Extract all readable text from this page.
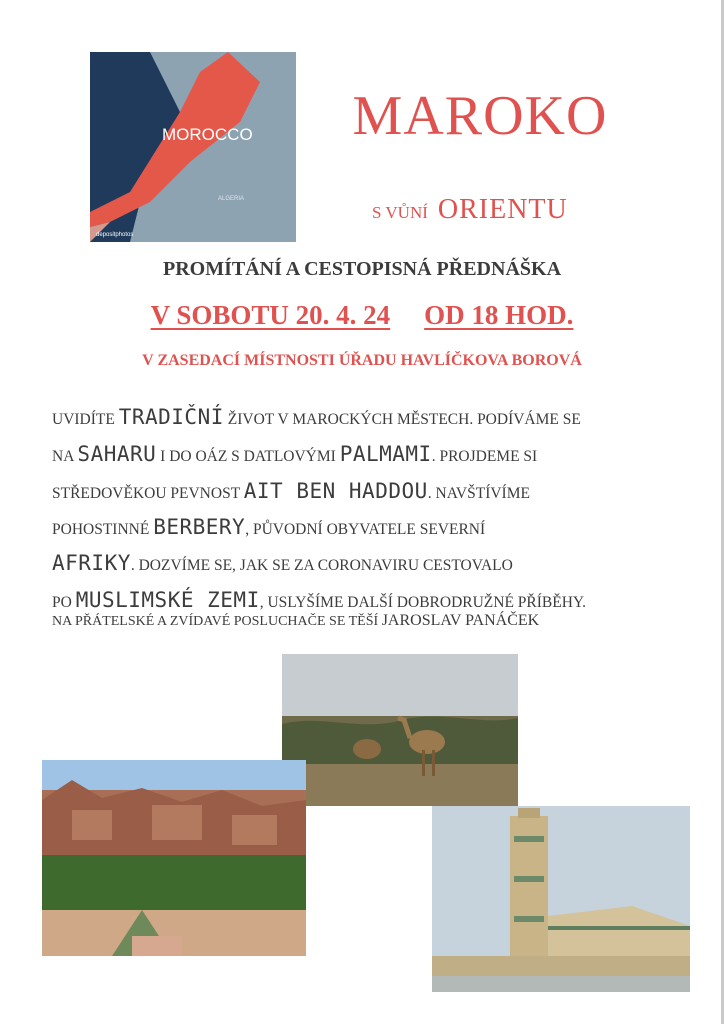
MOROCCO
ALGERIA
depositphotos
MAROKO
S VŮNÍ ORIENTU
PROMÍTÁNÍ A CESTOPISNÁ PŘEDNÁŠKA
V SOBOTU 20. 4. 24 OD 18 HOD.
V ZASEDACÍ MÍSTNOSTI ÚŘADU HAVLÍČKOVA BOROVÁ
UVIDÍTE TRADIČNÍ ŽIVOT V MAROCKÝCH MĚSTECH. PODÍVÁME SE
NA SAHARU I DO OÁZ S DATLOVÝMI PALMAMI. PROJDEME SI
STŘEDOVĚKOU PEVNOST AIT BEN HADDOU. NAVŠTÍVÍME
POHOSTINNÉ BERBERY, PŮVODNÍ OBYVATELE SEVERNÍ
AFRIKY. DOZVÍME SE, JAK SE ZA CORONAVIRU CESTOVALO
PO MUSLIMSKÉ ZEMI, USLYŠÍME DALŠÍ DOBRODRUŽNÉ PŘÍBĚHY.
NA PŘÁTELSKÉ A ZVÍDAVÉ POSLUCHAČE SE TĚŠÍ JAROSLAV PANÁČEK
